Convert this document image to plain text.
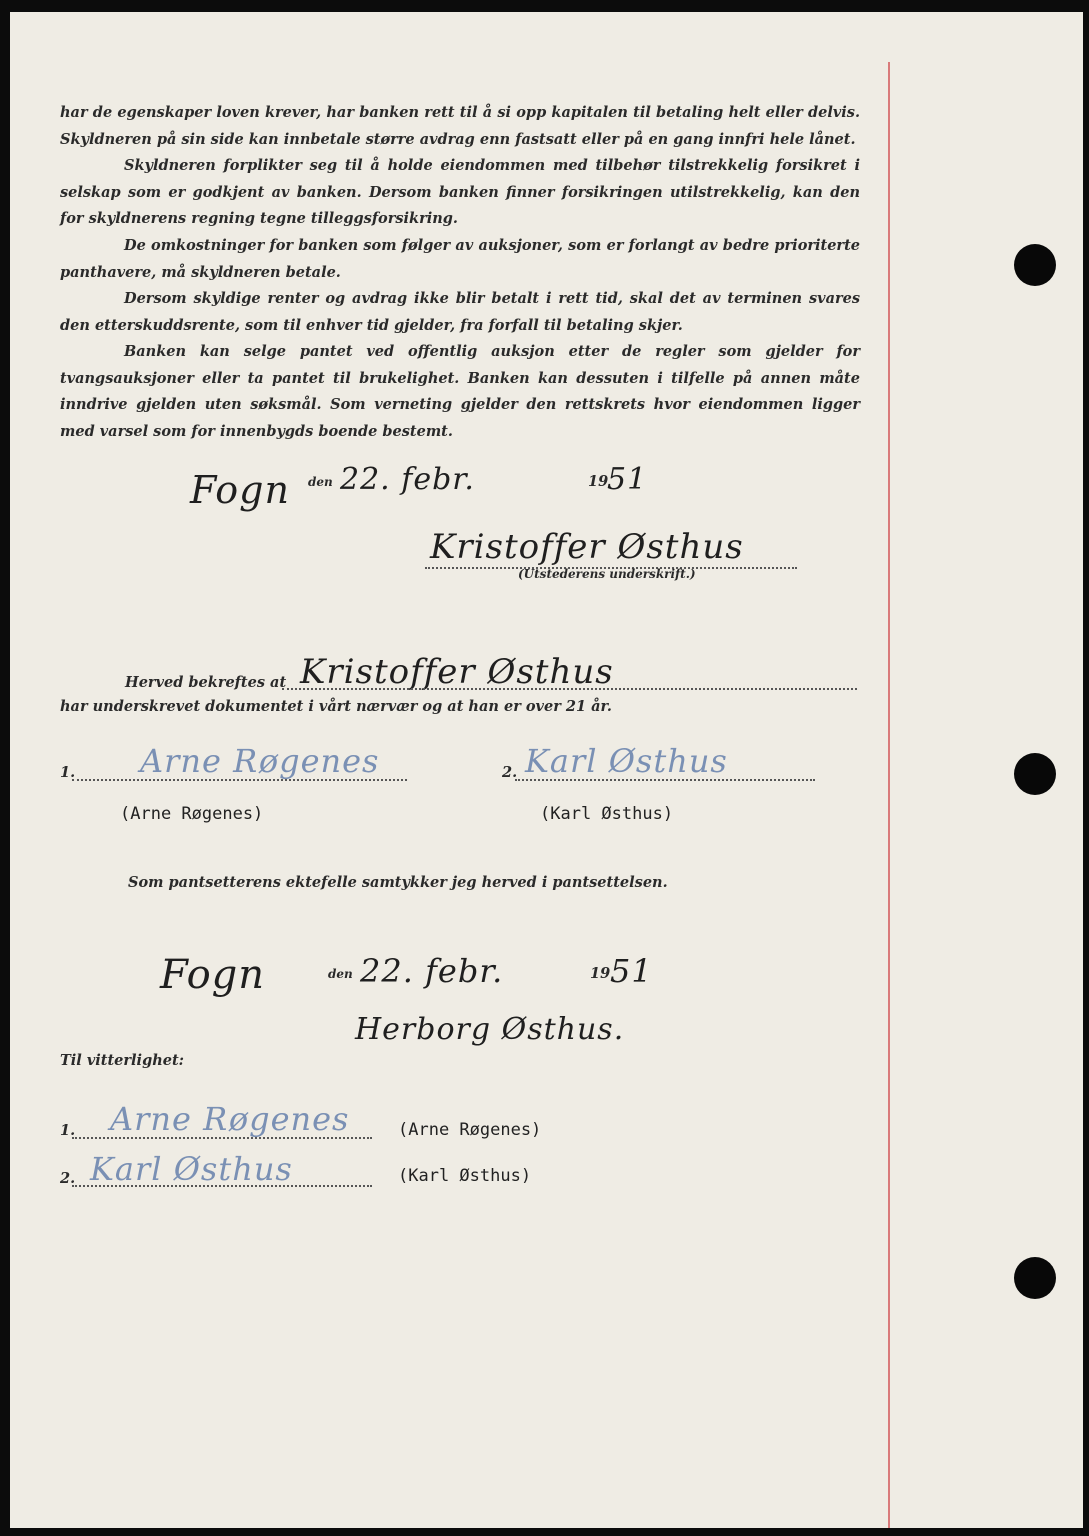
har de egenskaper loven krever, har banken rett til å si opp kapitalen til betaling helt eller delvis. Skyldneren på sin side kan innbetale større avdrag enn fastsatt eller på en gang innfri hele lånet.

Skyldneren forplikter seg til å holde eiendommen med tilbehør tilstrekkelig forsikret i selskap som er godkjent av banken. Dersom banken finner forsikringen utilstrekkelig, kan den for skyldnerens regning tegne tilleggsforsikring.

De omkostninger for banken som følger av auksjoner, som er forlangt av bedre prioriterte panthavere, må skyldneren betale.

Dersom skyldige renter og avdrag ikke blir betalt i rett tid, skal det av terminen svares den etterskuddsrente, som til enhver tid gjelder, fra forfall til betaling skjer.

Banken kan selge pantet ved offentlig auksjon etter de regler som gjelder for tvangsauksjoner eller ta pantet til brukelighet. Banken kan dessuten i tilfelle på annen måte inndrive gjelden uten søksmål. Som verneting gjelder den rettskrets hvor eiendommen ligger med varsel som for innenbygds boende bestemt.

Fogn den 22. febr.	19
51
Kristoffer Østhus
(Utstederens underskrift.)
Herved bekreftes at Kristoffer Østhus
har underskrevet dokumentet i vårt nærvær og at han er over 21 år.
1. Arne Røgenes	2. Karl Østhus
(Arne Røgenes)	(Karl Østhus)
Som pantsetterens ektefelle samtykker jeg herved i pantsettelsen.
Fogn	den 22. febr.	19 51
Herborg Østhus.
Til vitterlighet:
1. Arne Røgenes	(Arne Røgenes)
2. Karl Østhus	(Karl Østhus)
